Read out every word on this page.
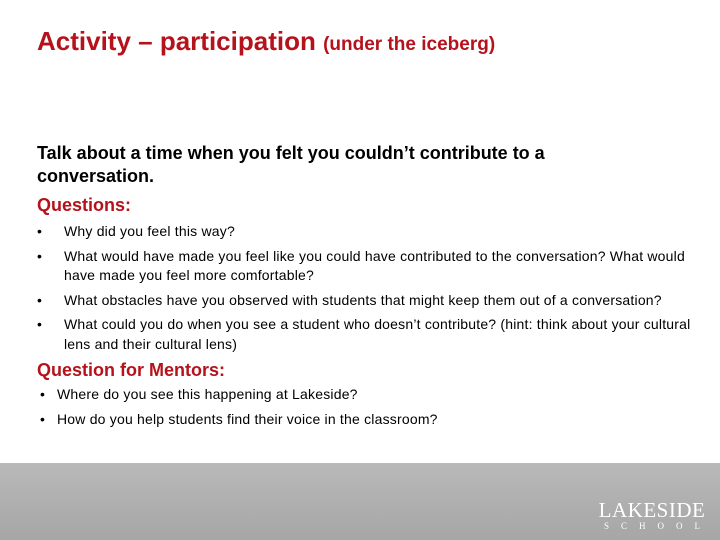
Activity – participation (under the iceberg)

Talk about a time when you felt you couldn’t contribute to a conversation.

Questions:
• Why did you feel this way?
• What would have made you feel like you could have contributed to the conversation? What would have made you feel more comfortable?
• What obstacles have you observed with students that might keep them out of a conversation?
• What could you do when you see a student who doesn’t contribute? (hint: think about your cultural lens and their cultural lens)
Question for Mentors:
• Where do you see this happening at Lakeside?
• How do you help students find their voice in the classroom?
LAKESIDE
SCHOOL
